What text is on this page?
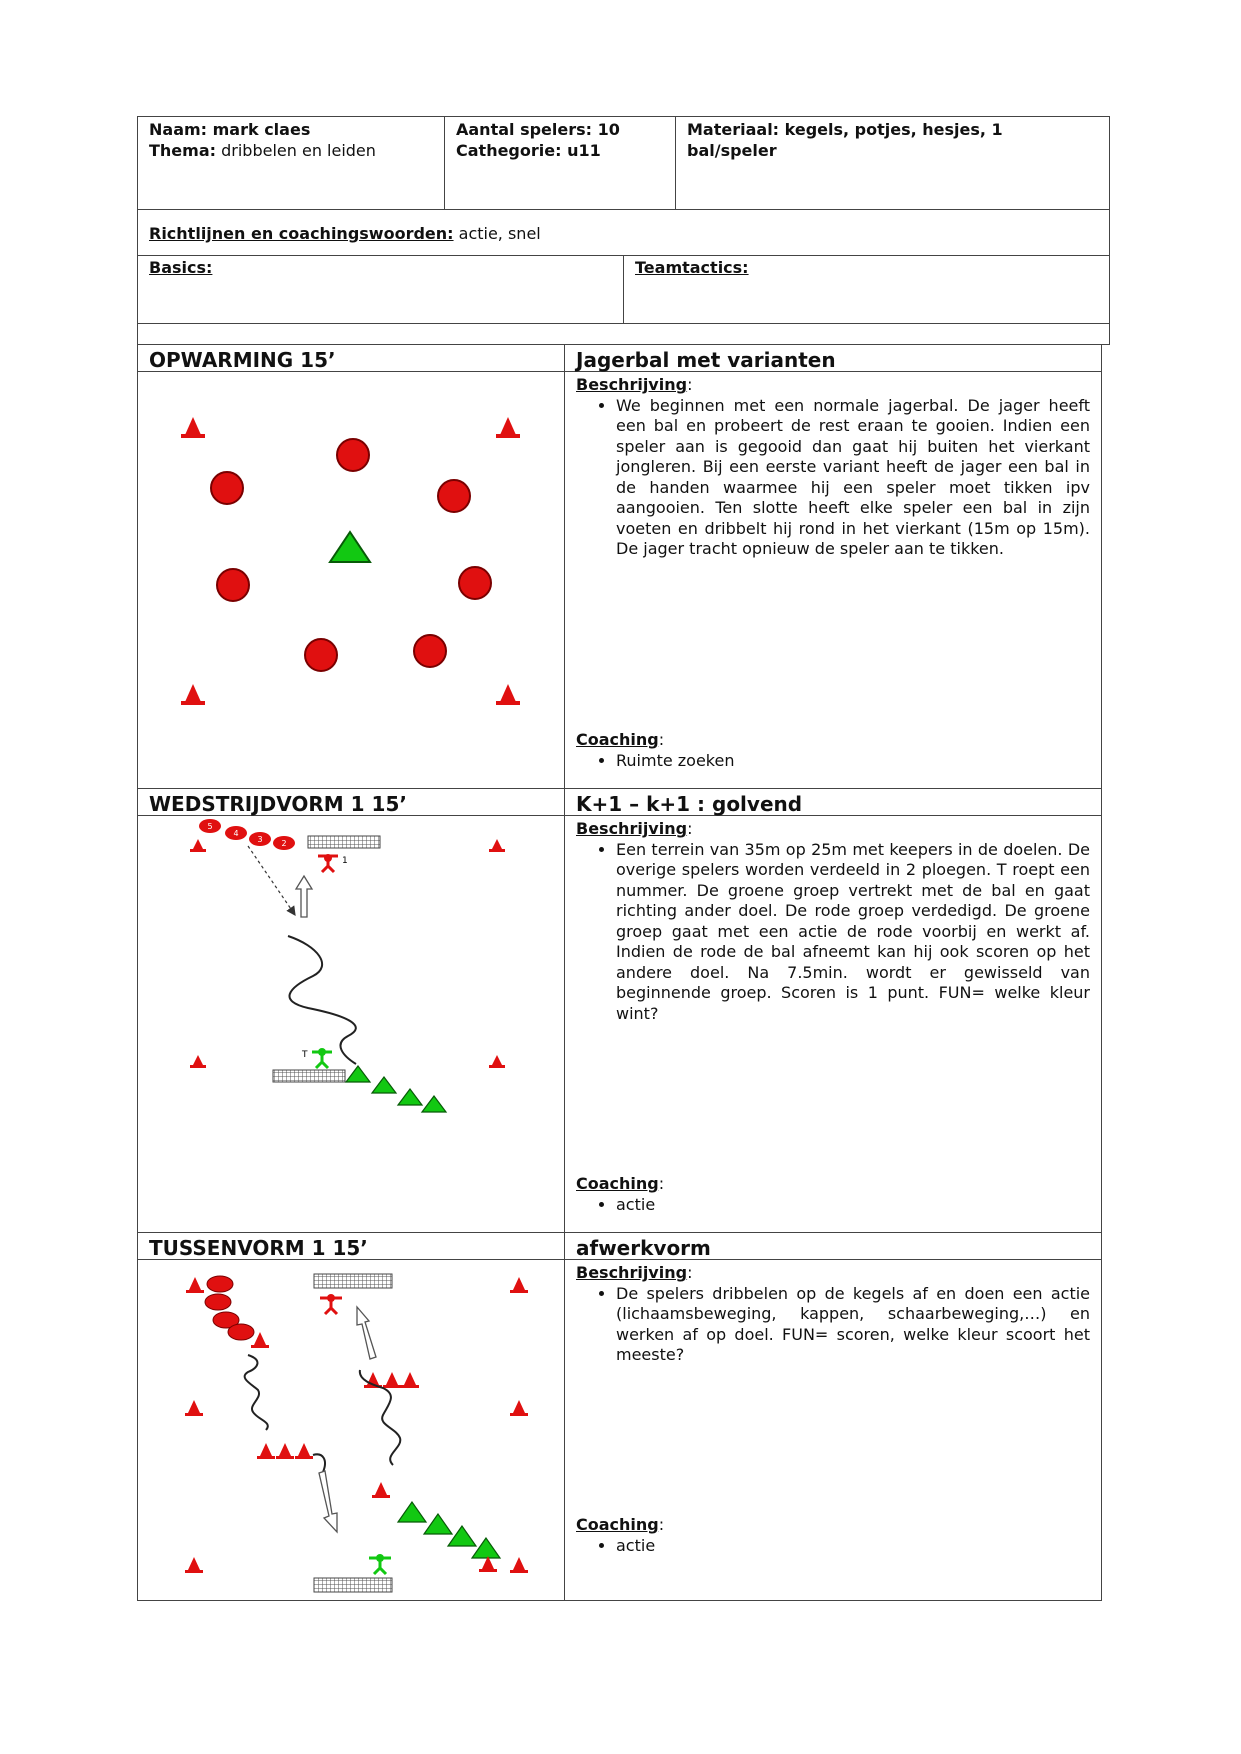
Naam: mark claes
Thema: dribbelen en leiden
Aantal spelers: 10
Cathegorie: u11
Materiaal: kegels, potjes, hesjes, 1 bal/speler
Richtlijnen en coachingswoorden: actie, snel
Basics:	Teamtactics:
OPWARMING 15’	Jagerbal met varianten
Beschrijving:
• We beginnen met een normale jagerbal. De jager heeft een bal en probeert de rest eraan te gooien. Indien een speler aan is gegooid dan gaat hij buiten het vierkant jongleren. Bij een eerste variant heeft de jager een bal in de handen waarmee hij een speler moet tikken ipv aangooien. Ten slotte heeft elke speler een bal in zijn voeten en dribbelt hij rond in het vierkant (15m op 15m). De jager tracht opnieuw de speler aan te tikken.
Coaching:
• Ruimte zoeken
WEDSTRIJDVORM 1 15’	K+1 – k+1 : golvend
Beschrijving:
• Een terrein van 35m op 25m met keepers in de doelen. De overige spelers worden verdeeld in 2 ploegen. T roept een nummer. De groene groep vertrekt met de bal en gaat richting ander doel. De rode groep verdedigd. De groene groep gaat met een actie de rode voorbij en werkt af. Indien de rode de bal afneemt kan hij ook scoren op het andere doel. Na 7.5min. wordt er gewisseld van beginnende groep. Scoren is 1 punt. FUN= welke kleur wint?
Coaching:
• actie
5
4
3 2
1
T
TUSSENVORM 1 15’	afwerkvorm
Beschrijving:
• De spelers dribbelen op de kegels af en doen een actie (lichaamsbeweging, kappen, schaarbeweging,…) en werken af op doel. FUN= scoren, welke kleur scoort het meeste?
Coaching:
• actie
